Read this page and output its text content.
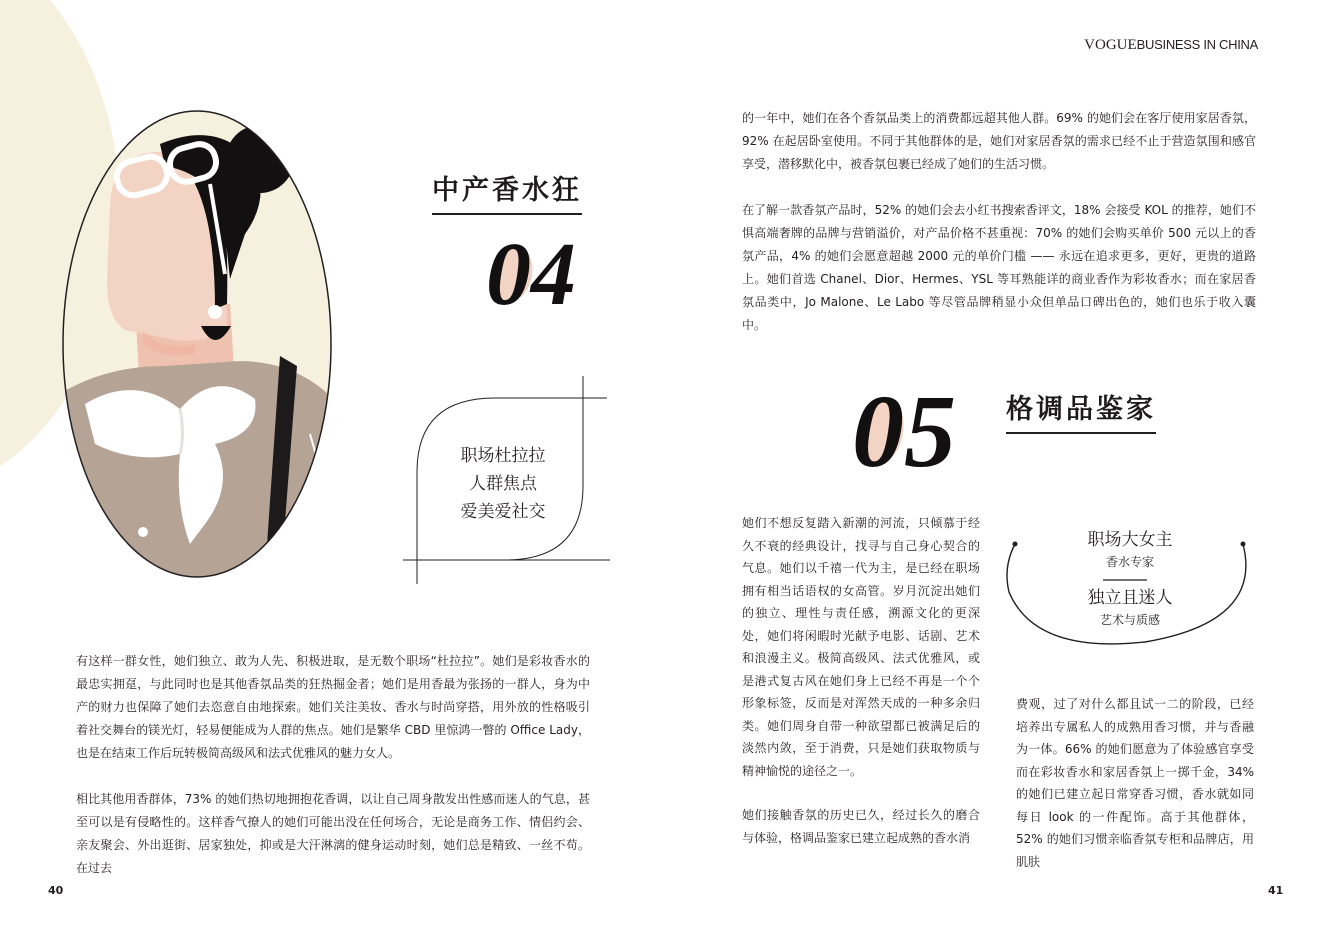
VOGUEBUSINESS IN CHINA
中产香水狂
04
职场杜拉拉
人群焦点
爱美爱社交

有这样一群女性，她们独立、敢为人先、积极进取，是无数个职场“杜拉拉”。她们是彩妆香水的最忠实拥趸，与此同时也是其他香氛品类的狂热掘金者；她们是用香最为张扬的一群人，身为中产的财力也保障了她们去恣意自由地探索。她们关注美妆、香水与时尚穿搭，用外放的性格吸引着社交舞台的镁光灯，轻易便能成为人群的焦点。她们是繁华 CBD 里惊鸿一瞥的 Office Lady，也是在结束工作后玩转极简高级风和法式优雅风的魅力女人。

相比其他用香群体，73% 的她们热切地拥抱花香调，以让自己周身散发出性感而迷人的气息，甚至可以是有侵略性的。这样香气撩人的她们可能出没在任何场合，无论是商务工作、情侣约会、亲友聚会、外出逛街、居家独处，抑或是大汗淋漓的健身运动时刻，她们总是精致、一丝不苟。在过去

的一年中，她们在各个香氛品类上的消费都远超其他人群。69% 的她们会在客厅使用家居香氛，92% 在起居卧室使用。不同于其他群体的是，她们对家居香氛的需求已经不止于营造氛围和感官享受，潜移默化中，被香氛包裹已经成了她们的生活习惯。

在了解一款香氛产品时，52% 的她们会去小红书搜索香评文，18% 会接受 KOL 的推荐，她们不惧高端奢牌的品牌与营销溢价，对产品价格不甚重视：70% 的她们会购买单价 500 元以上的香氛产品，4% 的她们会愿意超越 2000 元的单价门槛 —— 永远在追求更多，更好，更贵的道路上。她们首选 Chanel、Dior、Hermes、YSL 等耳熟能详的商业香作为彩妆香水；而在家居香氛品类中，Jo Malone、Le Labo 等尽管品牌稍显小众但单品口碑出色的，她们也乐于收入囊中。

05 格调品鉴家
职场大女主
香水专家
独立且迷人
艺术与质感

她们不想反复踏入新潮的河流，只倾慕于经久不衰的经典设计，找寻与自己身心契合的气息。她们以千禧一代为主，是已经在职场拥有相当话语权的女高管。岁月沉淀出她们的独立、理性与责任感，溯源文化的更深处，她们将闲暇时光献予电影、话剧、艺术和浪漫主义。极简高级风、法式优雅风，或是港式复古风在她们身上已经不再是一个个形象标签，反而是对浑然天成的一种多余归类。她们周身自带一种欲望都已被满足后的淡然内敛，至于消费，只是她们获取物质与精神愉悦的途径之一。

她们接触香氛的历史已久，经过长久的磨合与体验，格调品鉴家已建立起成熟的香水消

费观，过了对什么都且试一二的阶段，已经培养出专属私人的成熟用香习惯，并与香融为一体。66% 的她们愿意为了体验感官享受而在彩妆香水和家居香氛上一掷千金，34% 的她们已建立起日常穿香习惯，香水就如同每日 look 的一件配饰。高于其他群体，52% 的她们习惯亲临香氛专柜和品牌店，用肌肤

40	41
